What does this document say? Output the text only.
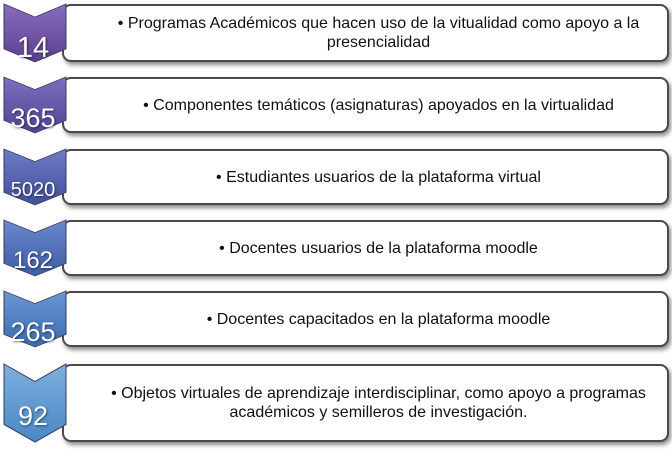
• Programas Académicos que hacen uso de la vitualidad como apoyo a la presencialidad
14
• Componentes temáticos (asignaturas) apoyados en la virtualidad
365
• Estudiantes usuarios de la plataforma virtual
5020
• Docentes usuarios de la plataforma moodle
162
• Docentes capacitados en la plataforma moodle
265
• Objetos virtuales de aprendizaje interdisciplinar, como apoyo a programas académicos y semilleros de investigación.
92
